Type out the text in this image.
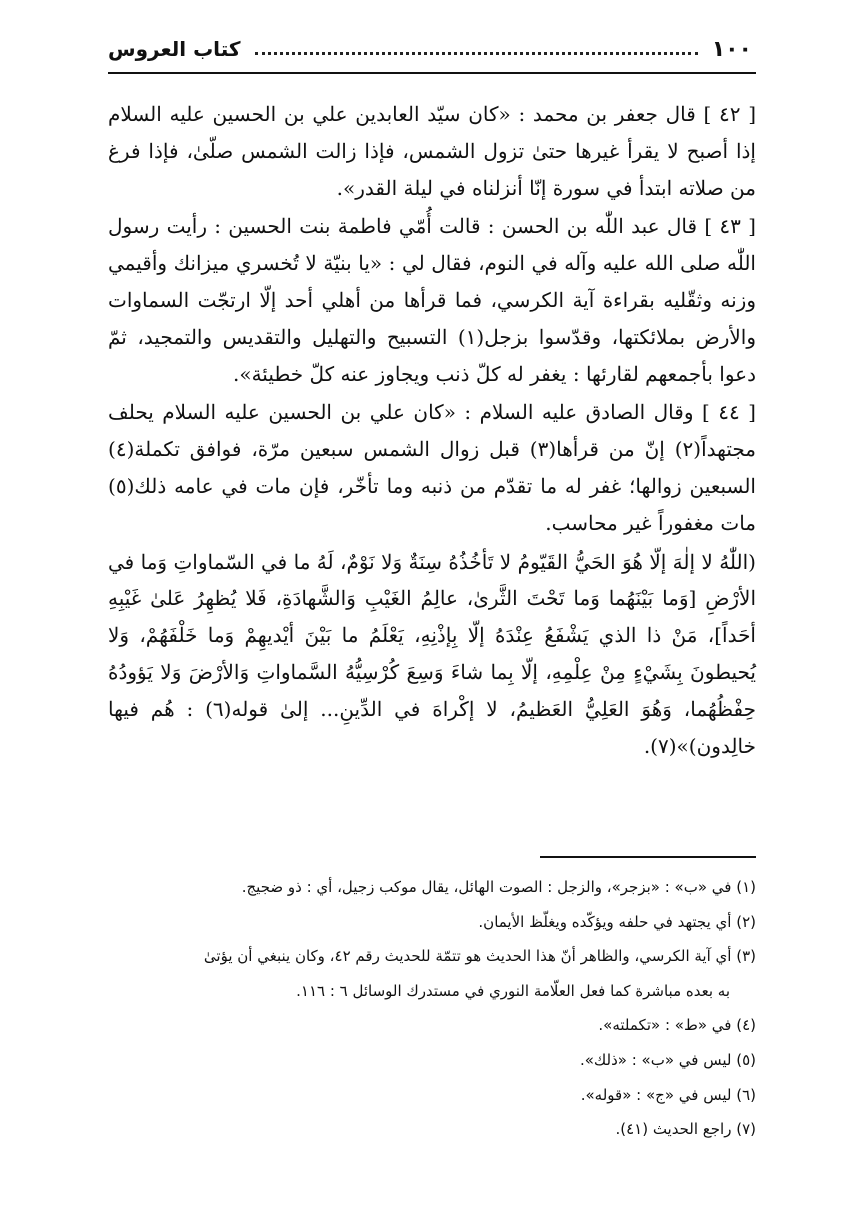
١٠٠
كتاب العروس

[ ٤٢ ] قال جعفر بن محمد : «كان سيّد العابدين علي بن الحسين عليه السلام إذا أصبح لا يقرأ غيرها حتىٰ تزول الشمس، فإذا زالت الشمس صلّىٰ، فإذا فرغ من صلاته ابتدأ في سورة إنّا أنزلناه في ليلة القدر».

[ ٤٣ ] قال عبد اللّٰه بن الحسن : قالت أُمّي فاطمة بنت الحسين : رأيت رسول اللّٰه صلى الله عليه وآله في النوم، فقال لي : «يا بنيّة لا تُخسري ميزانك وأقيمي وزنه وثقّليه بقراءة آية الكرسي، فما قرأها من أهلي أحد إلّا ارتجّت السماوات والأرض بملائكتها، وقدّسوا بزجل(١) التسبيح والتهليل والتقديس والتمجيد، ثمّ دعوا بأجمعهم لقارئها : يغفر له كلّ ذنب ويجاوز عنه كلّ خطيئة».

[ ٤٤ ] وقال الصادق عليه السلام : «كان علي بن الحسين عليه السلام يحلف مجتهداً(٢) إنّ من قرأها(٣) قبل زوال الشمس سبعين مرّة، فوافق تكملة(٤) السبعين زوالها؛ غفر له ما تقدّم من ذنبه وما تأخّر، فإن مات في عامه ذلك(٥) مات مغفوراً غير محاسب.

(اللّٰهُ لا إلٰهَ إلّا هُوَ الحَيُّ القَيّومُ لا تَأخُذُهُ سِنَةٌ وَلا نَوْمٌ، لَهُ ما في السّماواتِ وَما في الأرْضِ [وَما بَيْنَهُما وَما تَحْتَ الثَّرىٰ، عالِمُ الغَيْبِ وَالشَّهادَةِ، فَلا يُظهِرُ عَلىٰ غَيْبِهِ أحَداً]، مَنْ ذا الذي يَشْفَعُ عِنْدَهُ إلّا بِإذْنِهِ، يَعْلَمُ ما بَيْنَ أيْديهِمْ وَما خَلْفَهُمْ، وَلا يُحيطونَ بِشَيْءٍ مِنْ عِلْمِهِ، إلّا بِما شاءَ وَسِعَ كُرْسِيُّهُ السَّماواتِ وَالأرْضَ وَلا يَؤودُهُ حِفْظُهُما، وَهُوَ العَلِيُّ العَظيمُ، لا إكْراهَ في الدِّينِ... إلىٰ قوله(٦) : هُم فيها خالِدون)»(٧).

(١) في «ب» : «بزجر»، والزجل : الصوت الهائل، يقال موكب زجيل، أي : ذو ضجيج.

(٢) أي يجتهد في حلفه ويؤكّده ويغلّظ الأيمان.

(٣) أي آية الكرسي، والظاهر أنّ هذا الحديث هو تتمّة للحديث رقم ٤٢، وكان ينبغي أن يؤتىٰ

به بعده مباشرة كما فعل العلّامة النوري في مستدرك الوسائل ٦ : ١١٦.

(٤) في «ط» : «تكملته».

(٥) ليس في «ب» : «ذلك».

(٦) ليس في «ج» : «قوله».

(٧) راجع الحديث (٤١).
